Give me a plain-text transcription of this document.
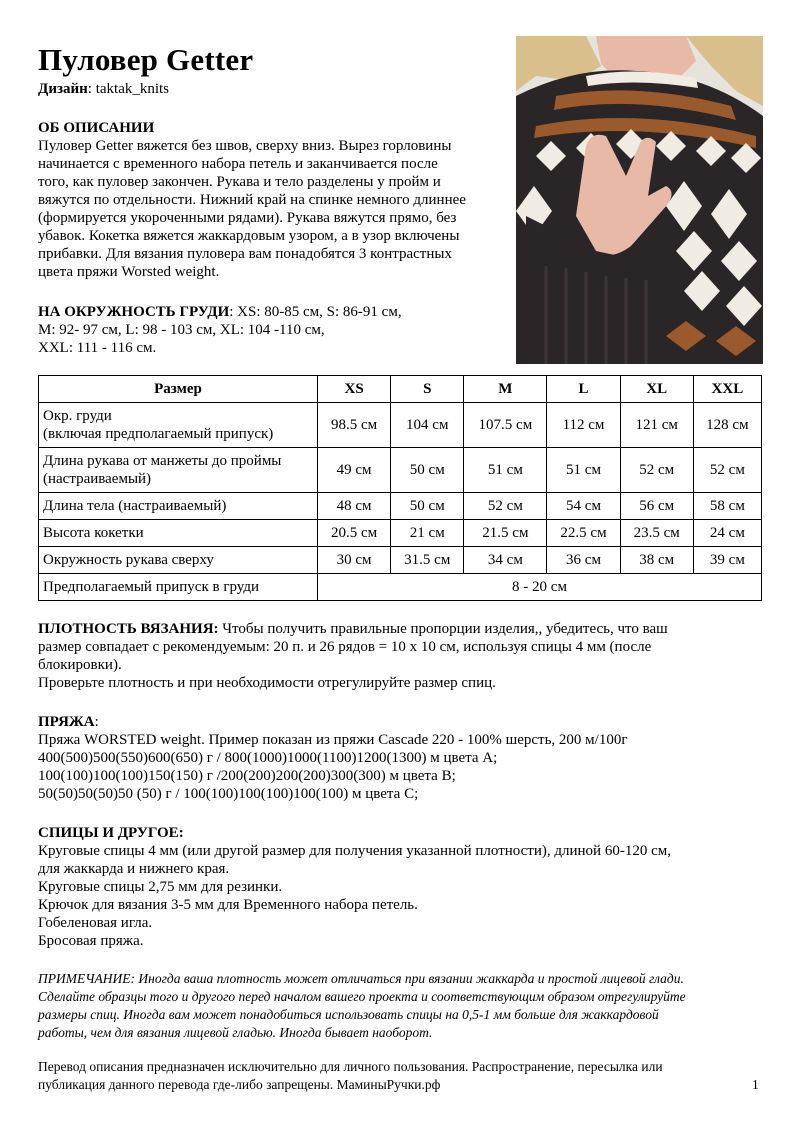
Пуловер Getter
Дизайн: taktak_knits
ОБ ОПИСАНИИ
Пуловер Getter вяжется без швов, сверху вниз. Вырез горловины
начинается с временного набора петель и заканчивается после
того, как пуловер закончен. Рукава и тело разделены у пройм и
вяжутся по отдельности. Нижний край на спинке немного длиннее
(формируется укороченными рядами). Рукава вяжутся прямо, без
убавок. Кокетка вяжется жаккардовым узором, а в узор включены
прибавки. Для вязания пуловера вам понадобятся 3 контрастных
цвета пряжи Worsted weight.
НА ОКРУЖНОСТЬ ГРУДИ: XS: 80-85 см, S: 86-91 см,
M: 92- 97 см, L: 98 - 103 см, XL: 104 -110 см,
XXL: 111 - 116 см.
Размер	XS	S	M	L	XL	XXL

Окр. груди
(включая предполагаемый припуск)	98.5 см	104 см	107.5 см	112 см	121 см	128 см

Длина рукава от манжеты до проймы
(настраиваемый)	49 см	50 см	51 см	51 см	52 см	52 см
Длина тела (настраиваемый)	48 см	50 см	52 см	54 см	56 см	58 см
Высота кокетки	20.5 см	21 см	21.5 см	22.5 см	23.5 см	24 см
Окружность рукава сверху	30 см	31.5 см	34 см	36 см	38 см	39 см
Предполагаемый припуск в груди	8 - 20 см					
ПЛОТНОСТЬ ВЯЗАНИЯ: Чтобы получить правильные пропорции изделия,, убедитесь, что ваш
размер совпадает с рекомендуемым: 20 п. и 26 рядов = 10 х 10 см, используя спицы 4 мм (после
блокировки).
Проверьте плотность и при необходимости отрегулируйте размер спиц.
ПРЯЖА:
Пряжа WORSTED weight. Пример показан из пряжи Cascade 220 - 100% шерсть, 200 м/100г
400(500)500(550)600(650) г / 800(1000)1000(1100)1200(1300) м цвета А;
100(100)100(100)150(150) г /200(200)200(200)300(300) м цвета B;
50(50)50(50)50 (50) г / 100(100)100(100)100(100) м цвета С;
СПИЦЫ И ДРУГОЕ:
Круговые спицы 4 мм (или другой размер для получения указанной плотности), длиной 60-120 см,
для жаккарда и нижнего края.
Круговые спицы 2,75 мм для резинки.
Крючок для вязания 3-5 мм для Временного набора петель.
Гобеленовая игла.
Бросовая пряжа.
ПРИМЕЧАНИЕ: Иногда ваша плотность может отличаться при вязании жаккарда и простой лицевой глади.
Сделайте образцы того и другого перед началом вашего проекта и соответствующим образом отрегулируйте
размеры спиц. Иногда вам может понадобиться использовать спицы на 0,5-1 мм больше для жаккардовой
работы, чем для вязания лицевой гладью. Иногда бывает наоборот.
Перевод описания предназначен исключительно для личного пользования. Распространение, пересылка или
публикация данного перевода где-либо запрещены. МаминыРучки.рф	1
